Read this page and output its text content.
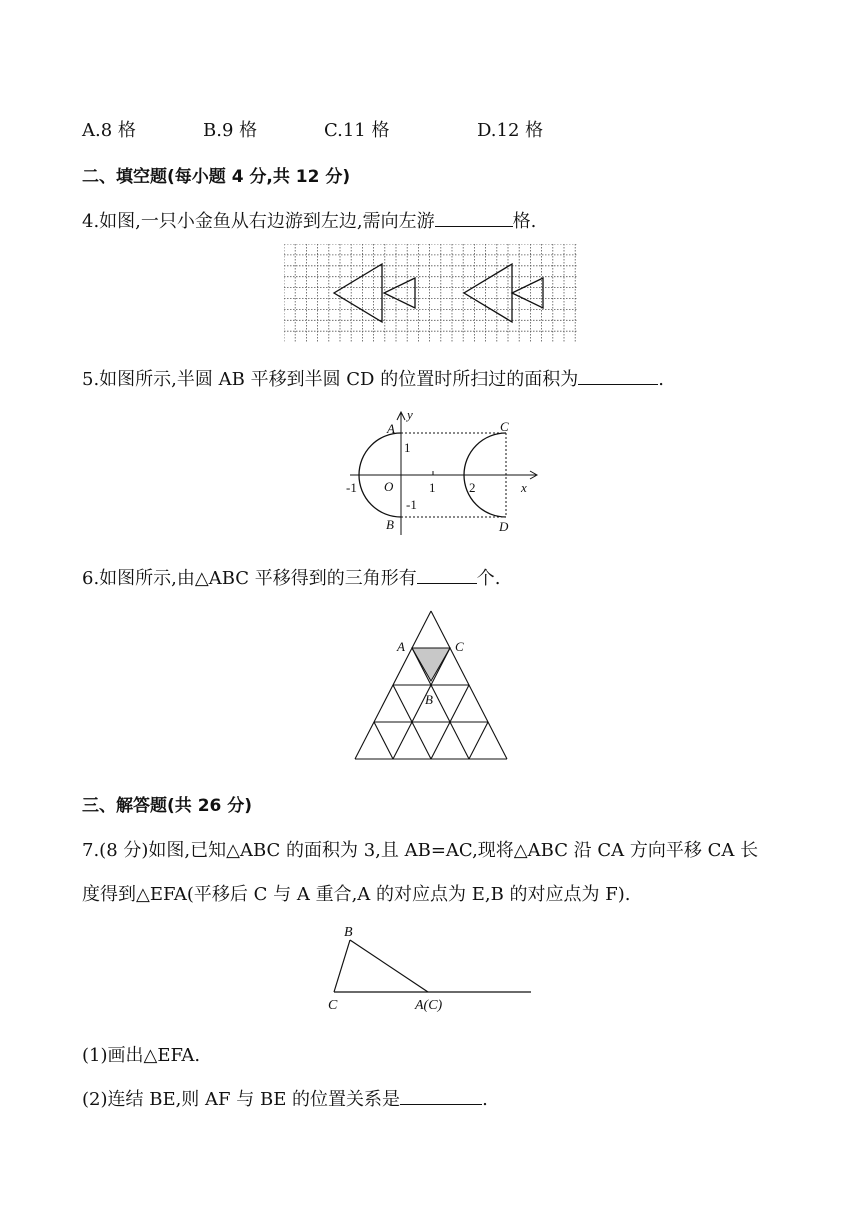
A.8 格	B.9 格	C.11 格	D.12 格
二、填空题(每小题 4 分,共 12 分)
4.如图,一只小金鱼从右边游到左边,需向左游	格.
5.如图所示,半圆 AB 平移到半圆 CD 的位置时所扫过的面积为	.
y
x
A
B
C
D
O
1
-1	1	2
-1
6.如图所示,由△ABC 平移得到的三角形有	个.
A	C
B
三、解答题(共 26 分)
7.(8 分)如图,已知△ABC 的面积为 3,且 AB=AC,现将△ABC 沿 CA 方向平移 CA 长
度得到△EFA(平移后 C 与 A 重合,A 的对应点为 E,B 的对应点为 F).
B
C	A(C)
(1)画出△EFA.
(2)连结 BE,则 AF 与 BE 的位置关系是	.
